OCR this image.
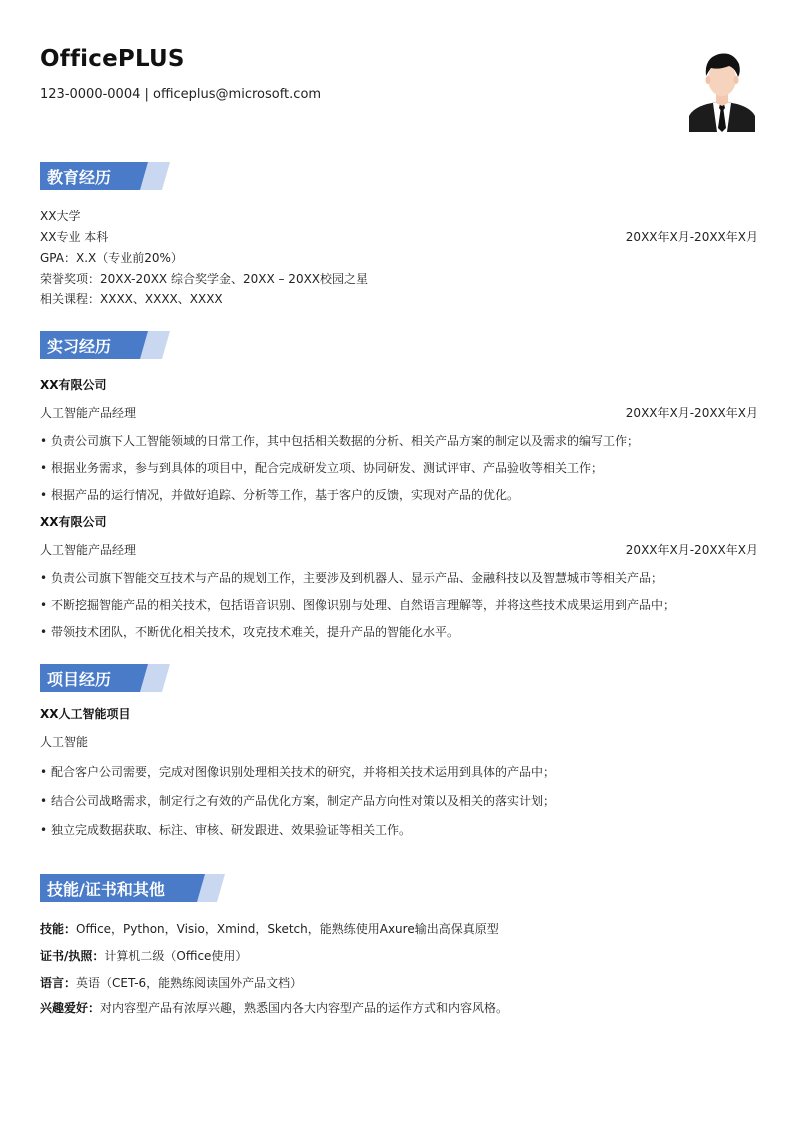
OfficePLUS
123-0000-0004 | officeplus@microsoft.com
教育经历
XX大学
XX专业 本科	20XX年X月-20XX年X月
GPA：X.X（专业前20%）
荣誉奖项：20XX-20XX 综合奖学金、20XX – 20XX校园之星
相关课程：XXXX、XXXX、XXXX
实习经历
XX有限公司
人工智能产品经理	20XX年X月-20XX年X月
• 负责公司旗下人工智能领域的日常工作，其中包括相关数据的分析、相关产品方案的制定以及需求的编写工作；
• 根据业务需求，参与到具体的项目中，配合完成研发立项、协同研发、测试评审、产品验收等相关工作；
• 根据产品的运行情况，并做好追踪、分析等工作，基于客户的反馈，实现对产品的优化。
XX有限公司
人工智能产品经理	20XX年X月-20XX年X月
• 负责公司旗下智能交互技术与产品的规划工作，主要涉及到机器人、显示产品、金融科技以及智慧城市等相关产品；
• 不断挖掘智能产品的相关技术，包括语音识别、图像识别与处理、自然语言理解等，并将这些技术成果运用到产品中；
• 带领技术团队，不断优化相关技术，攻克技术难关，提升产品的智能化水平。
项目经历
XX人工智能项目
人工智能
• 配合客户公司需要，完成对图像识别处理相关技术的研究，并将相关技术运用到具体的产品中；
• 结合公司战略需求，制定行之有效的产品优化方案，制定产品方向性对策以及相关的落实计划；
• 独立完成数据获取、标注、审核、研发跟进、效果验证等相关工作。
技能/证书和其他
技能：Office，Python，Visio，Xmind，Sketch，能熟练使用Axure输出高保真原型
证书/执照：计算机二级（Office使用）
语言：英语（CET-6，能熟练阅读国外产品文档）
兴趣爱好：对内容型产品有浓厚兴趣，熟悉国内各大内容型产品的运作方式和内容风格。
